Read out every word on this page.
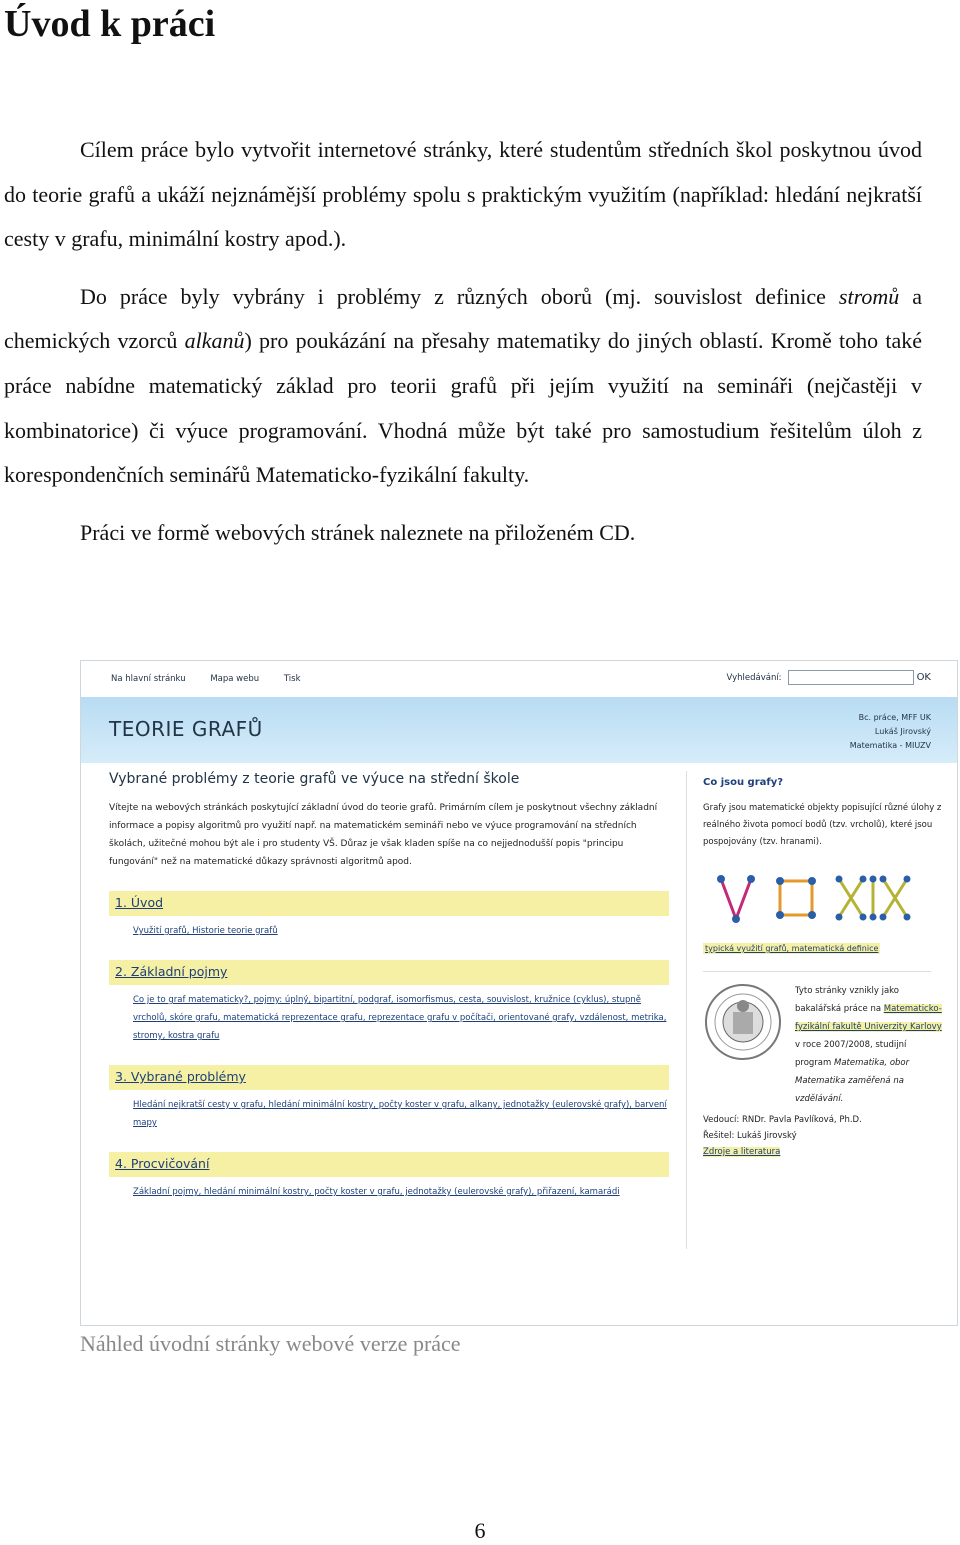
Úvod k práci

Cílem práce bylo vytvořit internetové stránky, které studentům středních škol poskytnou úvod do teorie grafů a ukáží nejznámější problémy spolu s praktickým využitím (například: hledání nejkratší cesty v grafu, minimální kostry apod.).

Do práce byly vybrány i problémy z různých oborů (mj. souvislost definice stromů a chemických vzorců alkanů) pro poukázání na přesahy matematiky do jiných oblastí. Kromě toho také práce nabídne matematický základ pro teorii grafů při jejím využití na semináři (nejčastěji v kombinatorice) či výuce programování. Vhodná může být také pro samostudium řešitelům úloh z korespondenčních seminářů Matematicko-fyzikální fakulty.

Práci ve formě webových stránek naleznete na přiloženém CD.

Na hlavní stránku	Mapa webu	Tisk	Vyhledávání:	OK
TEORIE GRAFŮ	Bc. práce, MFF UK
Lukáš Jirovský
Matematika - MIUZV
Vybrané problémy z teorie grafů ve výuce na střední škole
Vítejte na webových stránkách poskytující základní úvod do teorie grafů. Primárním cílem je poskytnout všechny základní informace a popisy algoritmů pro využití např. na matematickém semináři nebo ve výuce programování na středních školách, užitečné mohou být ale i pro studenty VŠ. Důraz je však kladen spíše na co nejjednodušší popis "principu fungování" než na matematické důkazy správnosti algoritmů apod.
1. Úvod
Využití grafů, Historie teorie grafů
2. Základní pojmy
Co je to graf matematicky?, pojmy: úplný, bipartitní, podgraf, isomorfismus, cesta, souvislost, kružnice (cyklus), stupně vrcholů, skóre grafu, matematická reprezentace grafu, reprezentace grafu v počítači, orientované grafy, vzdálenost, metrika, stromy, kostra grafu
3. Vybrané problémy
Hledání nejkratší cesty v grafu, hledání minimální kostry, počty koster v grafu, alkany, jednotažky (eulerovské grafy), barvení mapy
4. Procvičování
Základní pojmy, hledání minimální kostry, počty koster v grafu, jednotažky (eulerovské grafy), přiřazení, kamarádi
Co jsou grafy?
Grafy jsou matematické objekty popisující různé úlohy z reálného života pomocí bodů (tzv. vrcholů), které jsou pospojovány (tzv. hranami).
typická využití grafů, matematická definice
Tyto stránky vznikly jako bakalářská práce na Matematicko-fyzikální fakultě Univerzity Karlovy v roce 2007/2008, studijní program Matematika, obor Matematika zaměřená na vzdělávání.
Vedoucí: RNDr. Pavla Pavlíková, Ph.D.
Řešitel: Lukáš Jirovský
Zdroje a literatura
Náhled úvodní stránky webové verze práce
6
